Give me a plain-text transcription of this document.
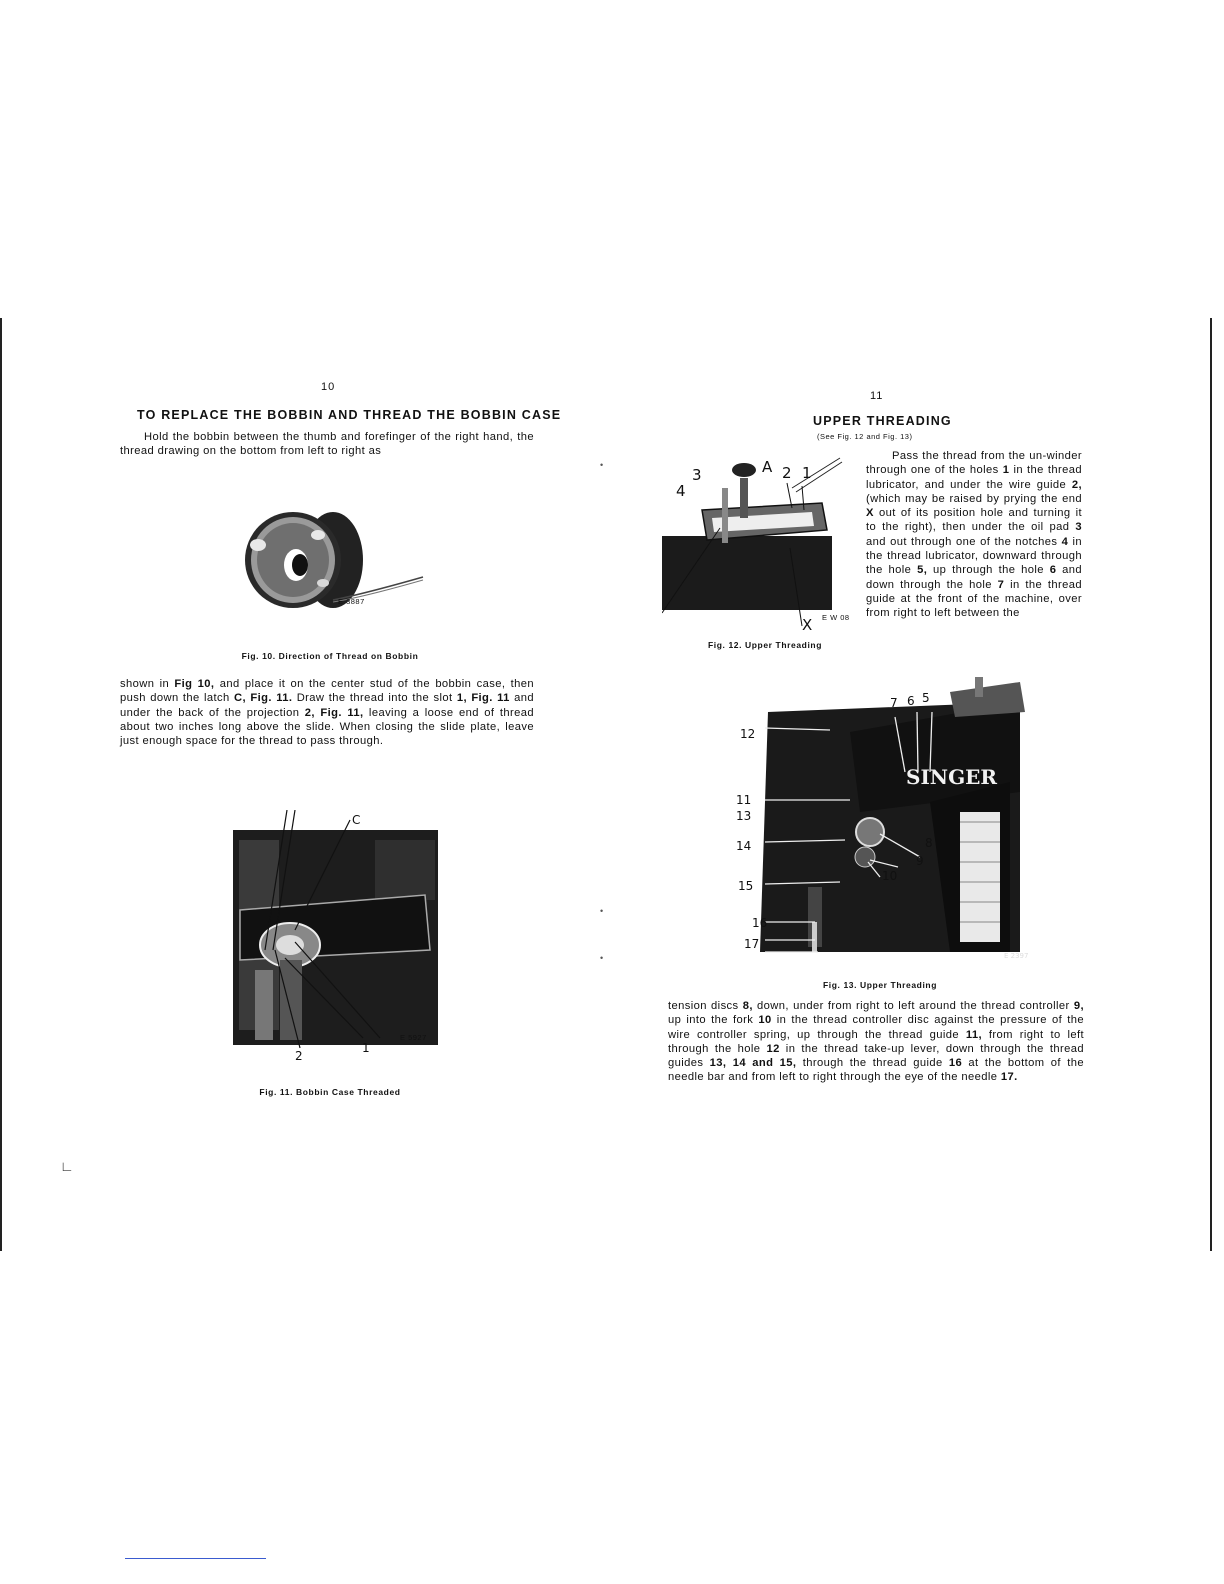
10
TO REPLACE THE BOBBIN AND THREAD THE BOBBIN CASE
Hold the bobbin between the thumb and forefinger of the right hand, the thread drawing on the bottom from left to right as
E 3887
Fig. 10. Direction of Thread on Bobbin
shown in Fig 10, and place it on the center stud of the bobbin case, then push down the latch C, Fig. 11. Draw the thread into the slot 1, Fig. 11 and under the back of the projection 2, Fig. 11, leaving a loose end of thread about two inches long above the slide. When closing the slide plate, leave just enough space for the thread to pass through.
C
1
2
E 5927
Fig. 11. Bobbin Case Threaded
11
UPPER THREADING
(See Fig. 12 and Fig. 13)
A 2 1
3
4
X E W 08
Fig. 12. Upper Threading
Pass the thread from the un-winder through one of the holes 1 in the thread lubricator, and under the wire guide 2, (which may be raised by prying the end X out of its position hole and turning it to the right), then under the oil pad 3 and out through one of the notches 4 in the thread lubricator, downward through the hole 5, up through the hole 6 and down through the hole 7 in the thread guide at the front of the machine, over from right to left between the
SINGER
7 6 5
12
11
13
8
9
10
14
15
16
17
E 2397
Fig. 13. Upper Threading
tension discs 8, down, under from right to left around the thread controller 9, up into the fork 10 in the thread controller disc against the pressure of the wire controller spring, up through the thread guide 11, from right to left through the hole 12 in the thread take-up lever, down through the thread guides 13, 14 and 15, through the thread guide 16 at the bottom of the needle bar and from left to right through the eye of the needle 17.
•
•
•
∟
